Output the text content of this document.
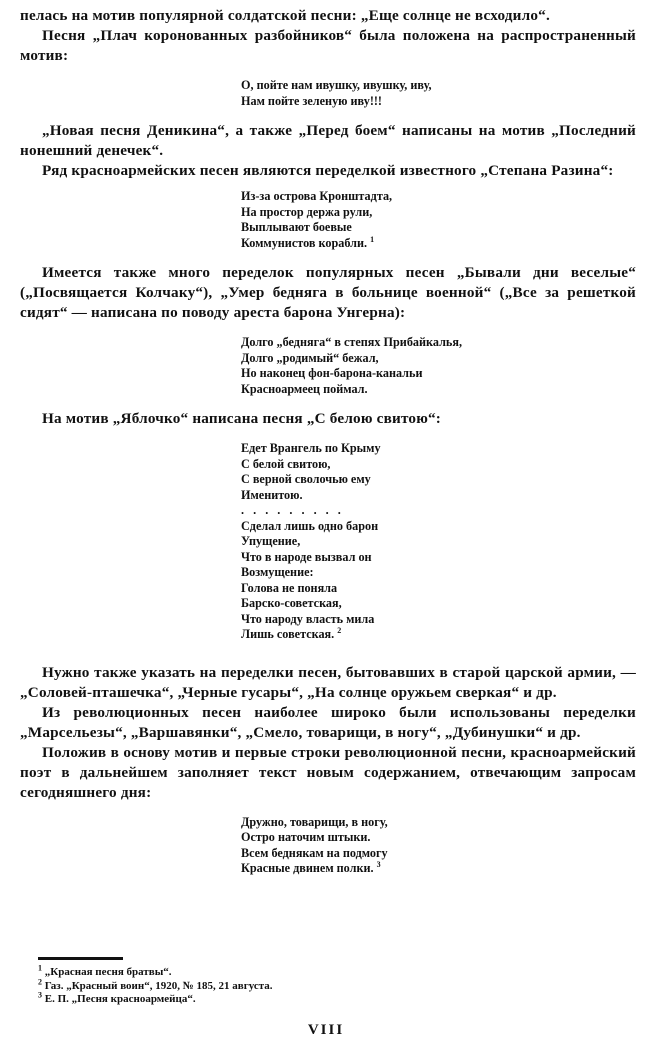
пелась на мотив популярной солдатской песни: „Еще солнце не всходило“.

Песня „Плач коронованных разбойников“ была положена на распространенный мотив:

О, пойте нам ивушку, ивушку, иву,
Нам пойте зеленую иву!!!

„Новая песня Деникина“, а также „Перед боем“ написаны на мотив „Последний нонешний денечек“.

Ряд красноармейских песен являются переделкой известного „Степана Разина“:

Из-за острова Кронштадта,
На простор держа рули,
Выплывают боевые
Коммунистов корабли. $^1$

Имеется также много переделок популярных песен „Бывали дни веселые“ („Посвящается Колчаку“), „Умер бедняга в больнице военной“ („Все за решеткой сидят“ — написана по поводу ареста барона Унгерна):

Долго „бедняга“ в степях Прибайкалья,
Долго „родимый“ бежал,
Но наконец фон-барона-канальи
Красноармеец поймал.

На мотив „Яблочко“ написана песня „С белою свитою“:

Едет Врангель по Крыму
С белой свитою,
С верной сволочью ему
Именитою.
. . . . . . . . .
Сделал лишь одно барон
Упущение,
Что в народе вызвал он
Возмущение:
Голова не поняла
Барско-советская,
Что народу власть мила
Лишь советская. $^2$

Нужно также указать на переделки песен, бытовавших в старой царской армии, — „Соловей-пташечка“, „Черные гусары“, „На солнце оружьем сверкая“ и др.

Из революционных песен наиболее широко были использованы переделки „Марсельезы“, „Варшавянки“, „Смело, товарищи, в ногу“, „Дубинушки“ и др.

Положив в основу мотив и первые строки революционной песни, красноармейский поэт в дальнейшем заполняет текст новым содержанием, отвечающим запросам сегодняшнего дня:

Дружно, товарищи, в ногу,
Остро наточим штыки.
Всем беднякам на подмогу
Красные двинем полки. $^3$
$^1$ „Красная песня братвы“.
$^2$ Газ. „Красный воин“, 1920, № 185, 21 августа.
$^3$ Е. П. „Песня красноармейца“.
VIII
